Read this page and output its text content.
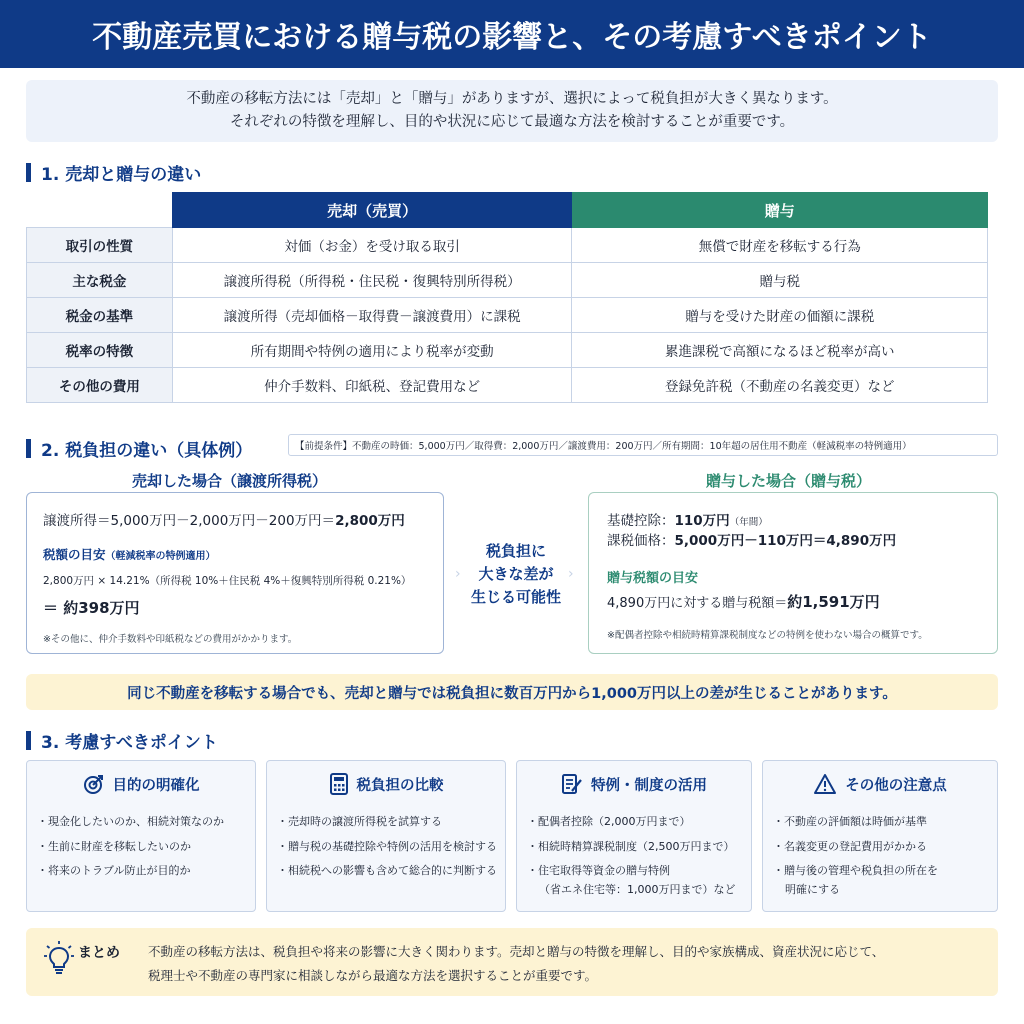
不動産売買における贈与税の影響と、その考慮すべきポイント
不動産の移転方法には「売却」と「贈与」がありますが、選択によって税負担が大きく異なります。
それぞれの特徴を理解し、目的や状況に応じて最適な方法を検討することが重要です。
1. 売却と贈与の違い
	売却（売買）	贈与
取引の性質	対価（お金）を受け取る取引	無償で財産を移転する行為
主な税金	譲渡所得税（所得税・住民税・復興特別所得税）	贈与税
税金の基準	譲渡所得（売却価格－取得費－譲渡費用）に課税	贈与を受けた財産の価額に課税
税率の特徴	所有期間や特例の適用により税率が変動	累進課税で高額になるほど税率が高い
その他の費用	仲介手数料、印紙税、登記費用など	登録免許税（不動産の名義変更）など
2. 税負担の違い（具体例）	【前提条件】不動産の時価：5,000万円／取得費：2,000万円／譲渡費用：200万円／所有期間：10年超の居住用不動産（軽減税率の特例適用）
売却した場合（譲渡所得税）
譲渡所得＝5,000万円－2,000万円－200万円＝2,800万円
税額の目安（軽減税率の特例適用）
2,800万円 × 14.21%（所得税 10%＋住民税 4%＋復興特別所得税 0.21%）
＝ 約398万円
※その他に、仲介手数料や印紙税などの費用がかかります。
›
税負担に
大きな差が
生じる可能性
›
贈与した場合（贈与税）
基礎控除：110万円（年間）
課税価格：5,000万円－110万円＝4,890万円
贈与税額の目安
4,890万円に対する贈与税額＝約1,591万円
※配偶者控除や相続時精算課税制度などの特例を使わない場合の概算です。
同じ不動産を移転する場合でも、売却と贈与では税負担に数百万円から1,000万円以上の差が生じることがあります。
3. 考慮すべきポイント
目的の明確化
・現金化したいのか、相続対策なのか
・生前に財産を移転したいのか
・将来のトラブル防止が目的か
税負担の比較
・売却時の譲渡所得税を試算する
・贈与税の基礎控除や特例の活用を検討する
・相続税への影響も含めて総合的に判断する
特例・制度の活用
・配偶者控除（2,000万円まで）
・相続時精算課税制度（2,500万円まで）
・住宅取得等資金の贈与特例
（省エネ住宅等：1,000万円まで）など
その他の注意点
・不動産の評価額は時価が基準
・名義変更の登記費用がかかる
・贈与後の管理や税負担の所在を
明確にする
まとめ 不動産の移転方法は、税負担や将来の影響に大きく関わります。売却と贈与の特徴を理解し、目的や家族構成、資産状況に応じて、
税理士や不動産の専門家に相談しながら最適な方法を選択することが重要です。
